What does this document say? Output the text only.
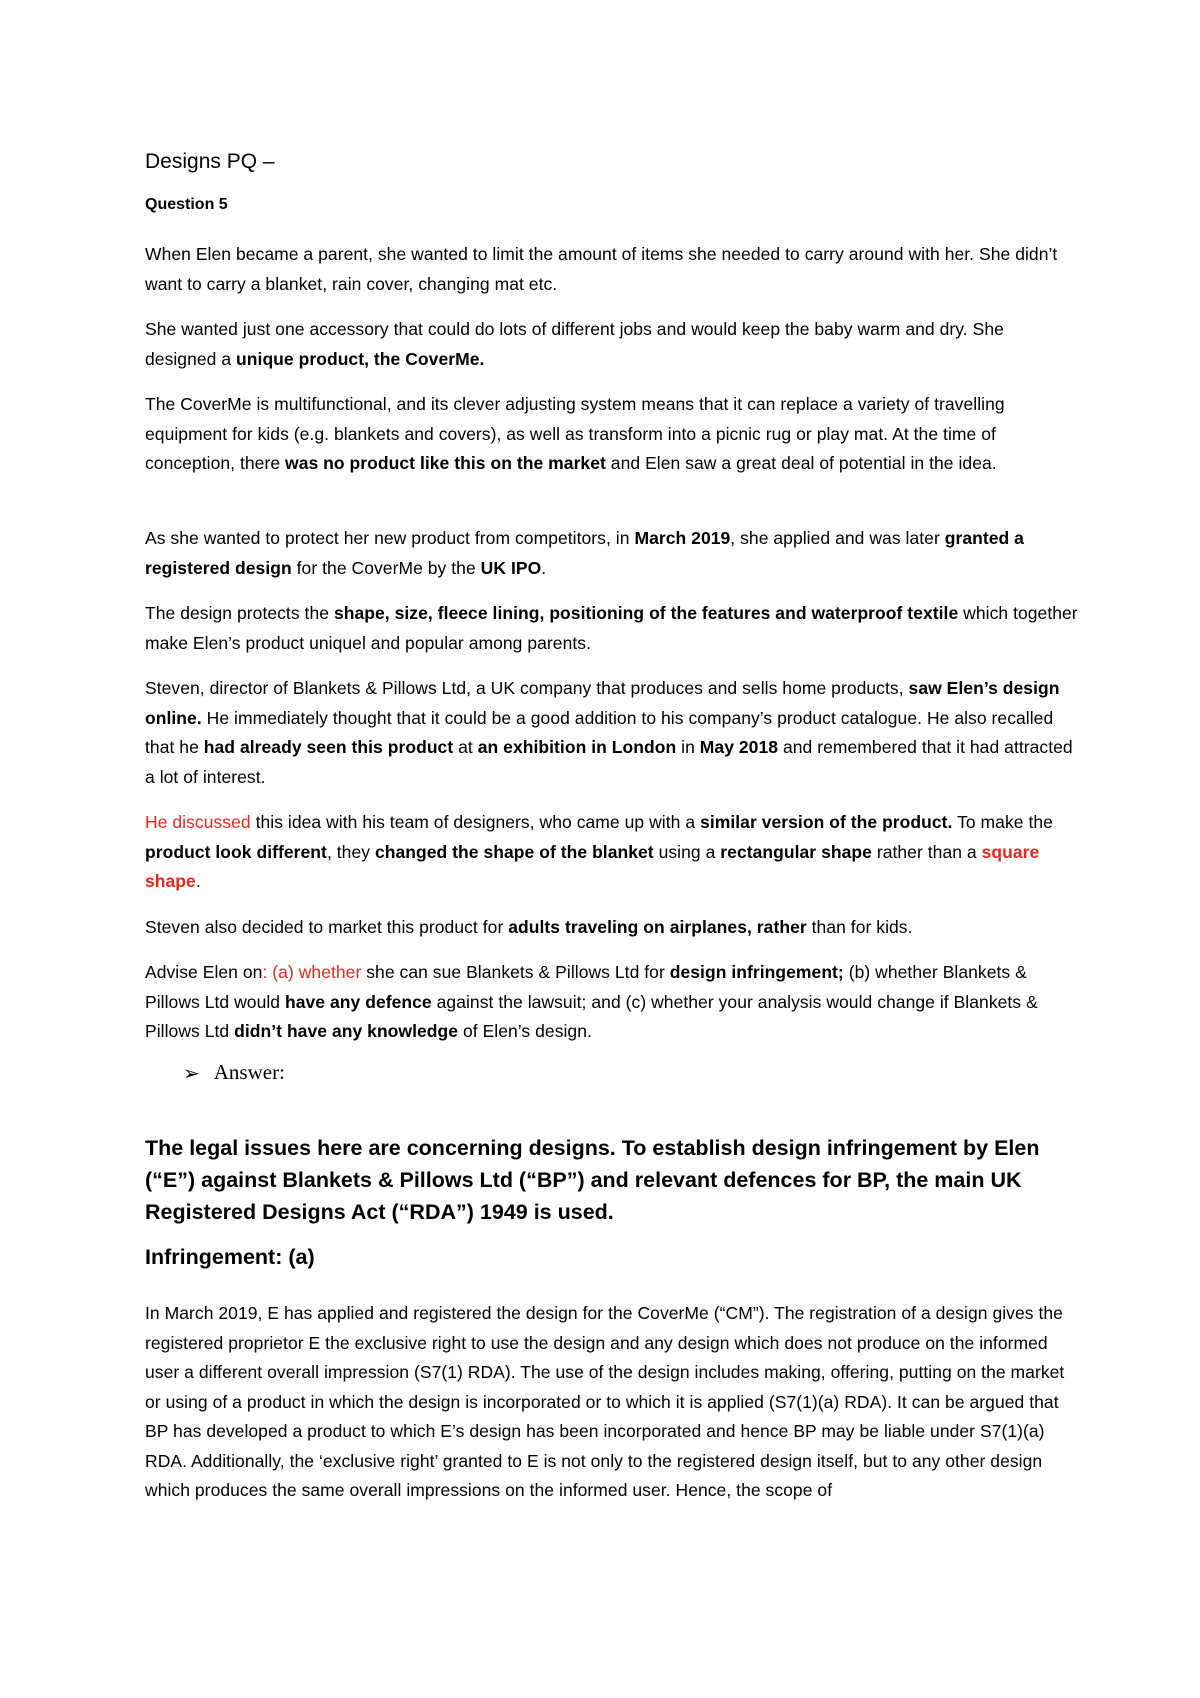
Designs PQ –
Question 5

When Elen became a parent, she wanted to limit the amount of items she needed to carry around with her. She didn’t want to carry a blanket, rain cover, changing mat etc.

She wanted just one accessory that could do lots of different jobs and would keep the baby warm and dry. She designed a unique product, the CoverMe.

The CoverMe is multifunctional, and its clever adjusting system means that it can replace a variety of travelling equipment for kids (e.g. blankets and covers), as well as transform into a picnic rug or play mat. At the time of conception, there was no product like this on the market and Elen saw a great deal of potential in the idea.

As she wanted to protect her new product from competitors, in March 2019, she applied and was later granted a registered design for the CoverMe by the UK IPO.

The design protects the shape, size, fleece lining, positioning of the features and waterproof textile which together make Elen’s product uniquel and popular among parents.

Steven, director of Blankets & Pillows Ltd, a UK company that produces and sells home products, saw Elen’s design online. He immediately thought that it could be a good addition to his company’s product catalogue. He also recalled that he had already seen this product at an exhibition in London in May 2018 and remembered that it had attracted a lot of interest.

He discussed this idea with his team of designers, who came up with a similar version of the product. To make the product look different, they changed the shape of the blanket using a rectangular shape rather than a square shape.

Steven also decided to market this product for adults traveling on airplanes, rather than for kids.

Advise Elen on: (a) whether she can sue Blankets & Pillows Ltd for design infringement; (b) whether Blankets & Pillows Ltd would have any defence against the lawsuit; and (c) whether your analysis would change if Blankets & Pillows Ltd didn’t have any knowledge of Elen’s design.

➢ Answer:

The legal issues here are concerning designs. To establish design infringement by Elen (“E”) against Blankets & Pillows Ltd (“BP”) and relevant defences for BP, the main UK Registered Designs Act (“RDA”) 1949 is used.

Infringement: (a)

In March 2019, E has applied and registered the design for the CoverMe (“CM”). The registration of a design gives the registered proprietor E the exclusive right to use the design and any design which does not produce on the informed user a different overall impression (S7(1) RDA). The use of the design includes making, offering, putting on the market or using of a product in which the design is incorporated or to which it is applied (S7(1)(a) RDA). It can be argued that BP has developed a product to which E’s design has been incorporated and hence BP may be liable under S7(1)(a) RDA. Additionally, the ‘exclusive right’ granted to E is not only to the registered design itself, but to any other design which produces the same overall impressions on the informed user. Hence, the scope of
